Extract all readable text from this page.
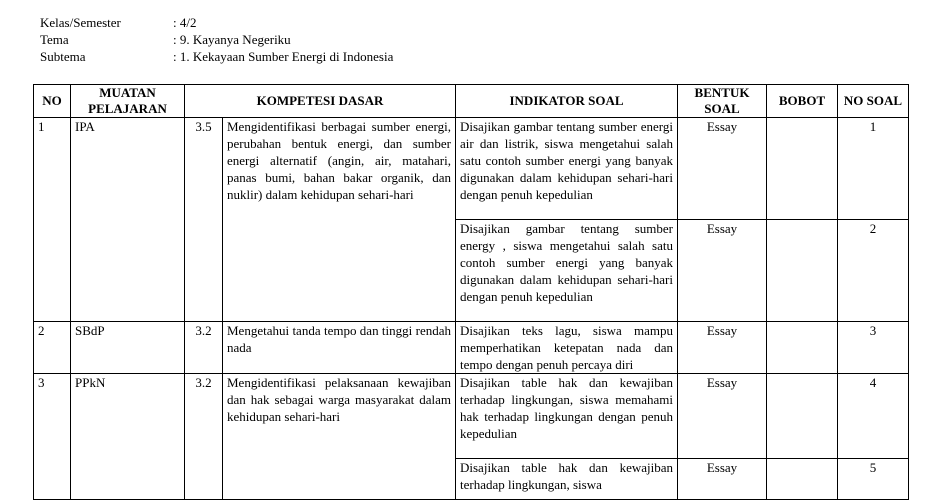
Kelas/Semester	: 4/2
Tema	: 9. Kayanya Negeriku
Subtema	: 1. Kekayaan Sumber Energi di Indonesia
NO	MUATAN PELAJARAN	KOMPETESI DASAR		INDIKATOR SOAL	BENTUK SOAL	BOBOT	NO SOAL
1	IPA	3.5	Mengidentifikasi berbagai sumber energi, perubahan bentuk energi, dan sumber energi alternatif (angin, air, matahari, panas bumi, bahan bakar organik, dan nuklir) dalam kehidupan sehari-hari	Disajikan gambar tentang sumber energi air dan listrik, siswa mengetahui salah satu contoh sumber energi yang banyak digunakan dalam kehidupan sehari-hari dengan penuh kepedulian	Essay		1
				Disajikan gambar tentang sumber energy , siswa mengetahui salah satu contoh sumber energi yang banyak digunakan dalam kehidupan sehari-hari dengan penuh kepedulian	Essay		2
2	SBdP	3.2	Mengetahui tanda tempo dan tinggi rendah nada	Disajikan teks lagu, siswa mampu memperhatikan ketepatan nada dan tempo dengan penuh percaya diri	Essay		3
3	PPkN	3.2	Mengidentifikasi pelaksanaan kewajiban dan hak sebagai warga masyarakat dalam kehidupan sehari-hari	Disajikan table hak dan kewajiban terhadap lingkungan, siswa memahami hak terhadap lingkungan dengan penuh kepedulian	Essay		4
				Disajikan table hak dan kewajiban terhadap lingkungan, siswa	Essay		5
